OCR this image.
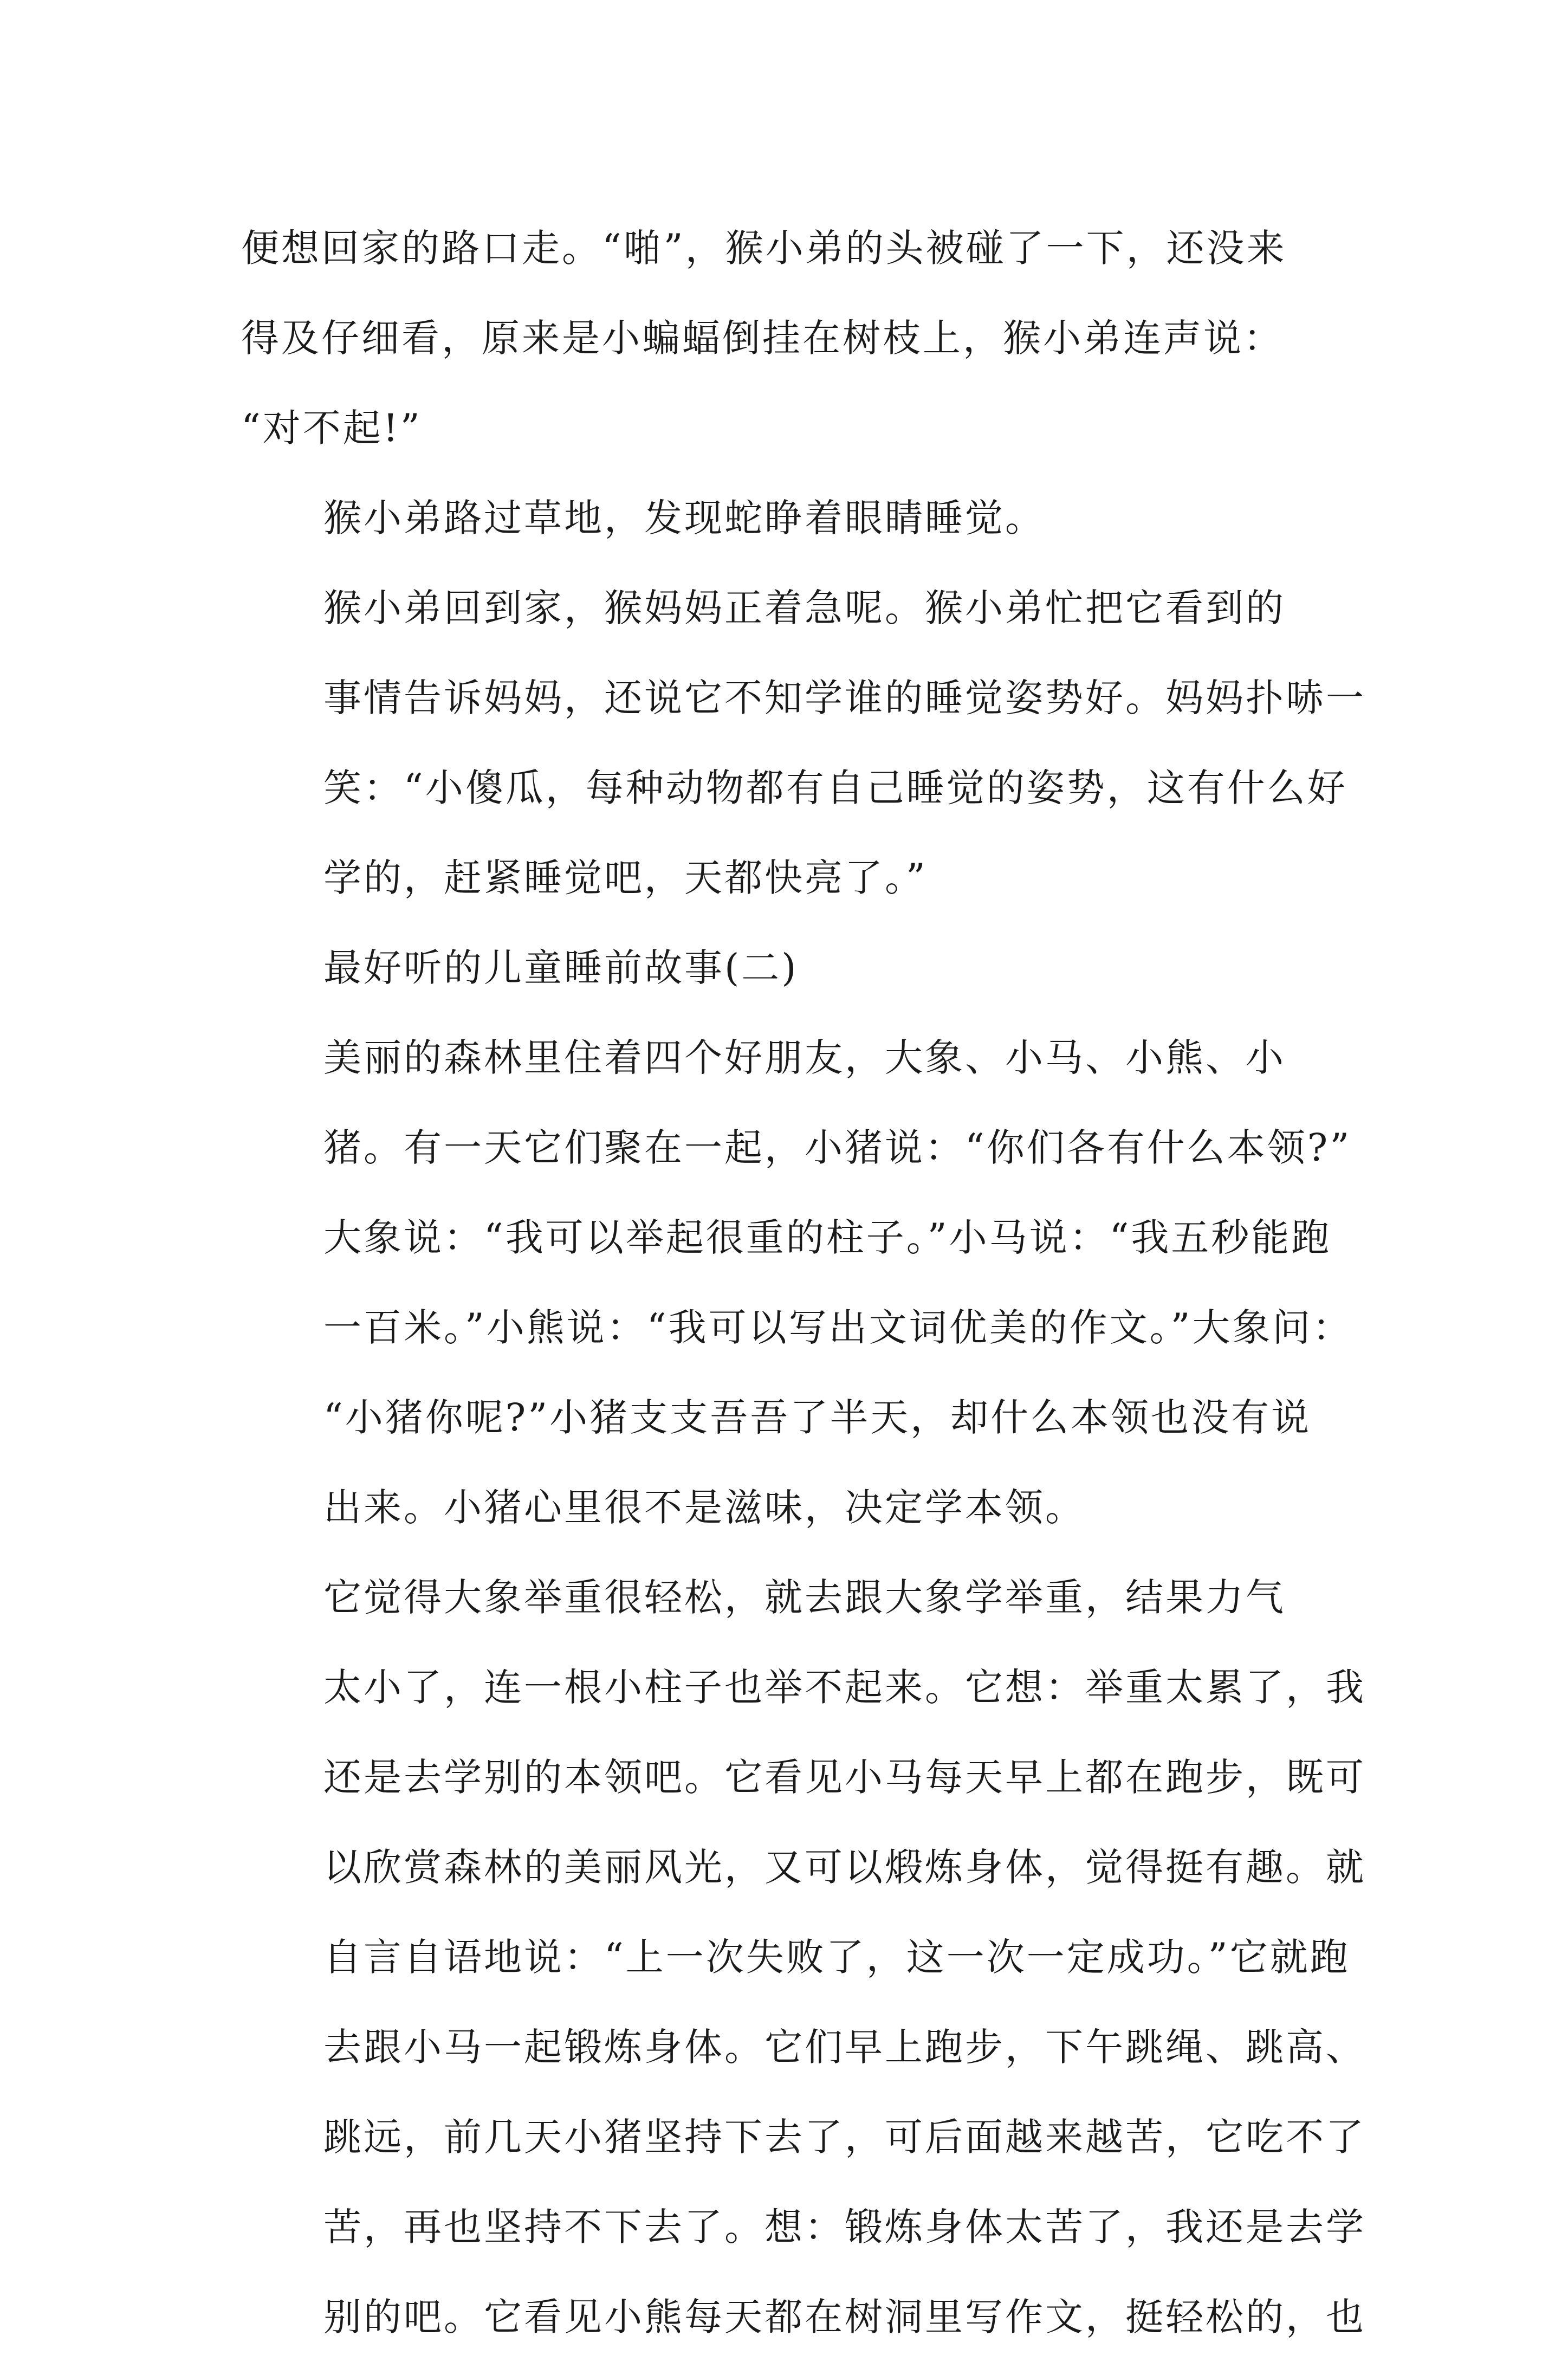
便想回家的路口走。“啪”，猴小弟的头被碰了一下，还没来
得及仔细看，原来是小蝙蝠倒挂在树枝上，猴小弟连声说：
“对不起!”
猴小弟路过草地，发现蛇睁着眼睛睡觉。
猴小弟回到家，猴妈妈正着急呢。猴小弟忙把它看到的
事情告诉妈妈，还说它不知学谁的睡觉姿势好。妈妈扑哧一
笑：“小傻瓜，每种动物都有自己睡觉的姿势，这有什么好
学的，赶紧睡觉吧，天都快亮了。”
最好听的儿童睡前故事(二)
美丽的森林里住着四个好朋友，大象、小马、小熊、小
猪。有一天它们聚在一起，小猪说：“你们各有什么本领?”
大象说：“我可以举起很重的柱子。”小马说：“我五秒能跑
一百米。”小熊说：“我可以写出文词优美的作文。”大象问：
“小猪你呢?”小猪支支吾吾了半天，却什么本领也没有说
出来。小猪心里很不是滋味，决定学本领。
它觉得大象举重很轻松，就去跟大象学举重，结果力气
太小了，连一根小柱子也举不起来。它想：举重太累了，我
还是去学别的本领吧。它看见小马每天早上都在跑步，既可
以欣赏森林的美丽风光，又可以煅炼身体，觉得挺有趣。就
自言自语地说：“上一次失败了，这一次一定成功。”它就跑
去跟小马一起锻炼身体。它们早上跑步，下午跳绳、跳高、
跳远，前几天小猪坚持下去了，可后面越来越苦，它吃不了
苦，再也坚持不下去了。想：锻炼身体太苦了，我还是去学
别的吧。它看见小熊每天都在树洞里写作文，挺轻松的，也
